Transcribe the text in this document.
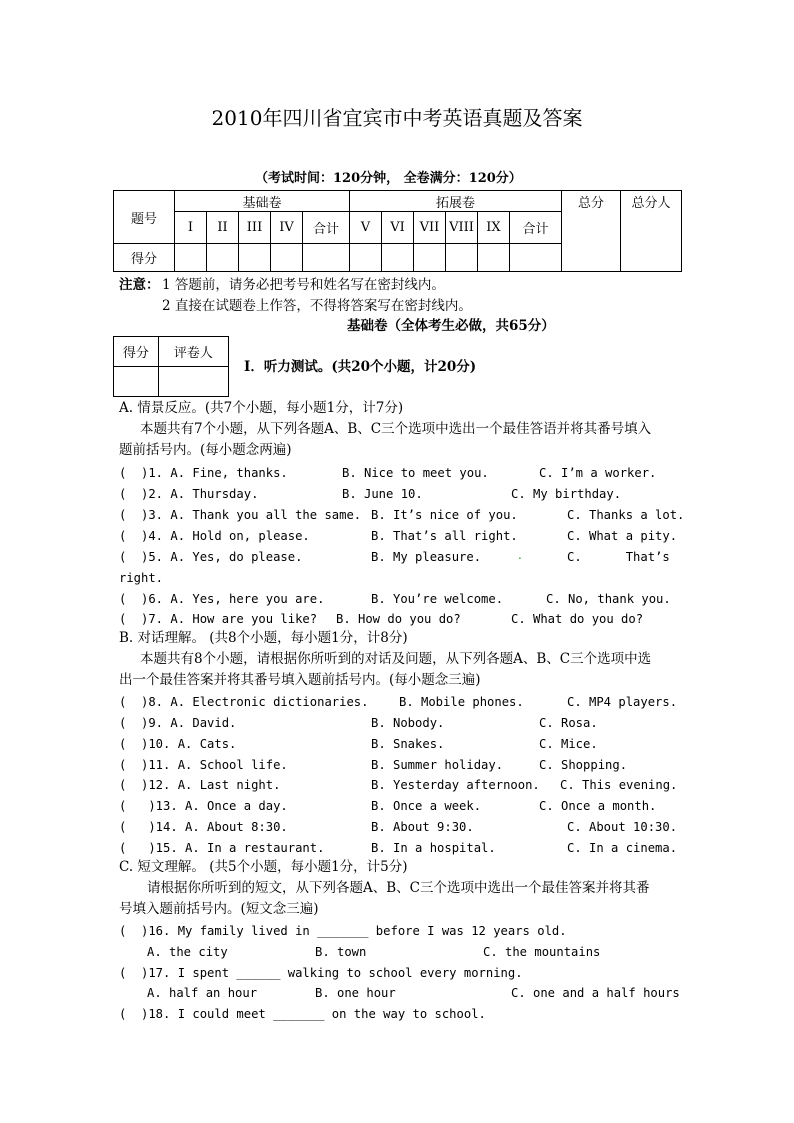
2010年四川省宜宾市中考英语真题及答案
（考试时间：120分钟， 全卷满分：120分）
题号	基础卷					拓展卷						总分	总分人
	I	II	III	IV	合计	V	VI	VII	VIII	IX	合计		
得分													
注意： 1 答题前，请务必把考号和姓名写在密封线内。
2 直接在试题卷上作答，不得将答案写在密封线内。
基础卷（全体考生必做，共65分）
得分	评卷人

I．听力测试。(共20个小题，计20分)
A. 情景反应。(共7个小题，每小题1分，计7分)
本题共有7个小题，从下列各题A、B、C三个选项中选出一个最佳答语并将其番号填入
题前括号内。(每小题念两遍)
(  )1. A. Fine, thanks.	B. Nice to meet you.	C. I’m a worker.
(  )2. A. Thursday.	B. June 10.	C. My birthday.
(  )3. A. Thank you all the same. B. It’s nice of you.	C. Thanks a lot.
(  )4. A. Hold on, please.	B. That’s all right.	C. What a pity.
(  )5. A. Yes, do please.	B. My pleasure.	.	C.      That’s
right.
(  )6. A. Yes, here you are.	B. You’re welcome.	C. No, thank you.
(  )7. A. How are you like? B. How do you do?	C. What do you do?
B. 对话理解。 (共8个小题，每小题1分，计8分)
本题共有8个小题，请根据你所听到的对话及问题，从下列各题A、B、C三个选项中选
出一个最佳答案并将其番号填入题前括号内。(每小题念三遍)
(  )8. A. Electronic dictionaries.	B. Mobile phones.	C. MP4 players.
(  )9. A. David.	B. Nobody.	C. Rosa.
(  )10. A. Cats.	B. Snakes.	C. Mice.
(  )11. A. School life.	B. Summer holiday.	C. Shopping.
(  )12. A. Last night.	B. Yesterday afternoon. C. This evening.
(   )13. A. Once a day.	B. Once a week.	C. Once a month.
(   )14. A. About 8:30.	B. About 9:30.	C. About 10:30.
(   )15. A. In a restaurant.	B. In a hospital.	C. In a cinema.
C. 短文理解。 (共5个小题，每小题1分，计5分)
请根据你所听到的短文，从下列各题A、B、C三个选项中选出一个最佳答案并将其番
号填入题前括号内。(短文念三遍)
(  )16. My family lived in _______ before I was 12 years old.
A. the city	B. town	C. the mountains
(  )17. I spent ______ walking to school every morning.
A. half an hour	B. one hour	C. one and a half hours
(  )18. I could meet _______ on the way to school.
